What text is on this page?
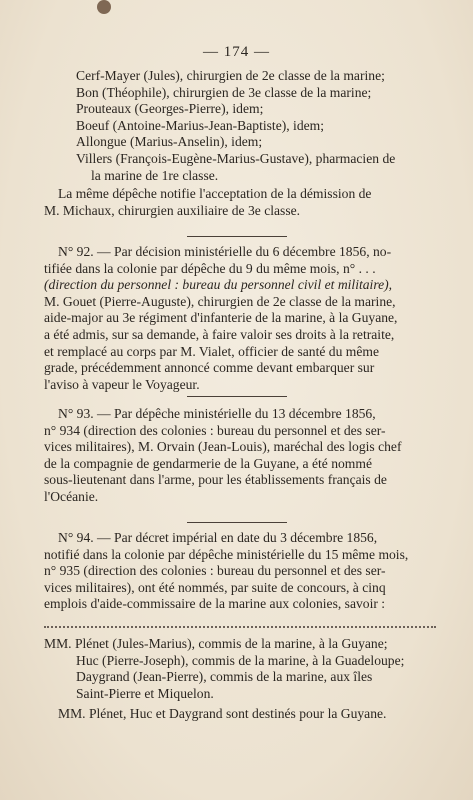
— 174 —
Cerf-Mayer (Jules), chirurgien de 2e classe de la marine;
Bon (Théophile), chirurgien de 3e classe de la marine;
Prouteaux (Georges-Pierre), idem;
Boeuf (Antoine-Marius-Jean-Baptiste), idem;
Allongue (Marius-Anselin), idem;
Villers (François-Eugène-Marius-Gustave), pharmacien de
la marine de 1re classe.
La même dépêche notifie l'acceptation de la démission de
M. Michaux, chirurgien auxiliaire de 3e classe.
N° 92. — Par décision ministérielle du 6 décembre 1856, no-
tifiée dans la colonie par dépêche du 9 du même mois, n° . . .
(direction du personnel : bureau du personnel civil et militaire),
M. Gouet (Pierre-Auguste), chirurgien de 2e classe de la marine,
aide-major au 3e régiment d'infanterie de la marine, à la Guyane,
a été admis, sur sa demande, à faire valoir ses droits à la retraite,
et remplacé au corps par M. Vialet, officier de santé du même
grade, précédemment annoncé comme devant embarquer sur
l'aviso à vapeur le Voyageur.
N° 93. — Par dépêche ministérielle du 13 décembre 1856,
n° 934 (direction des colonies : bureau du personnel et des ser-
vices militaires), M. Orvain (Jean-Louis), maréchal des logis chef
de la compagnie de gendarmerie de la Guyane, a été nommé
sous-lieutenant dans l'arme, pour les établissements français de
l'Océanie.
N° 94. — Par décret impérial en date du 3 décembre 1856,
notifié dans la colonie par dépêche ministérielle du 15 même mois,
n° 935 (direction des colonies : bureau du personnel et des ser-
vices militaires), ont été nommés, par suite de concours, à cinq
emplois d'aide-commissaire de la marine aux colonies, savoir :
MM. Plénet (Jules-Marius), commis de la marine, à la Guyane;
Huc (Pierre-Joseph), commis de la marine, à la Guadeloupe;
Daygrand (Jean-Pierre), commis de la marine, aux îles
Saint-Pierre et Miquelon.
MM. Plénet, Huc et Daygrand sont destinés pour la Guyane.
